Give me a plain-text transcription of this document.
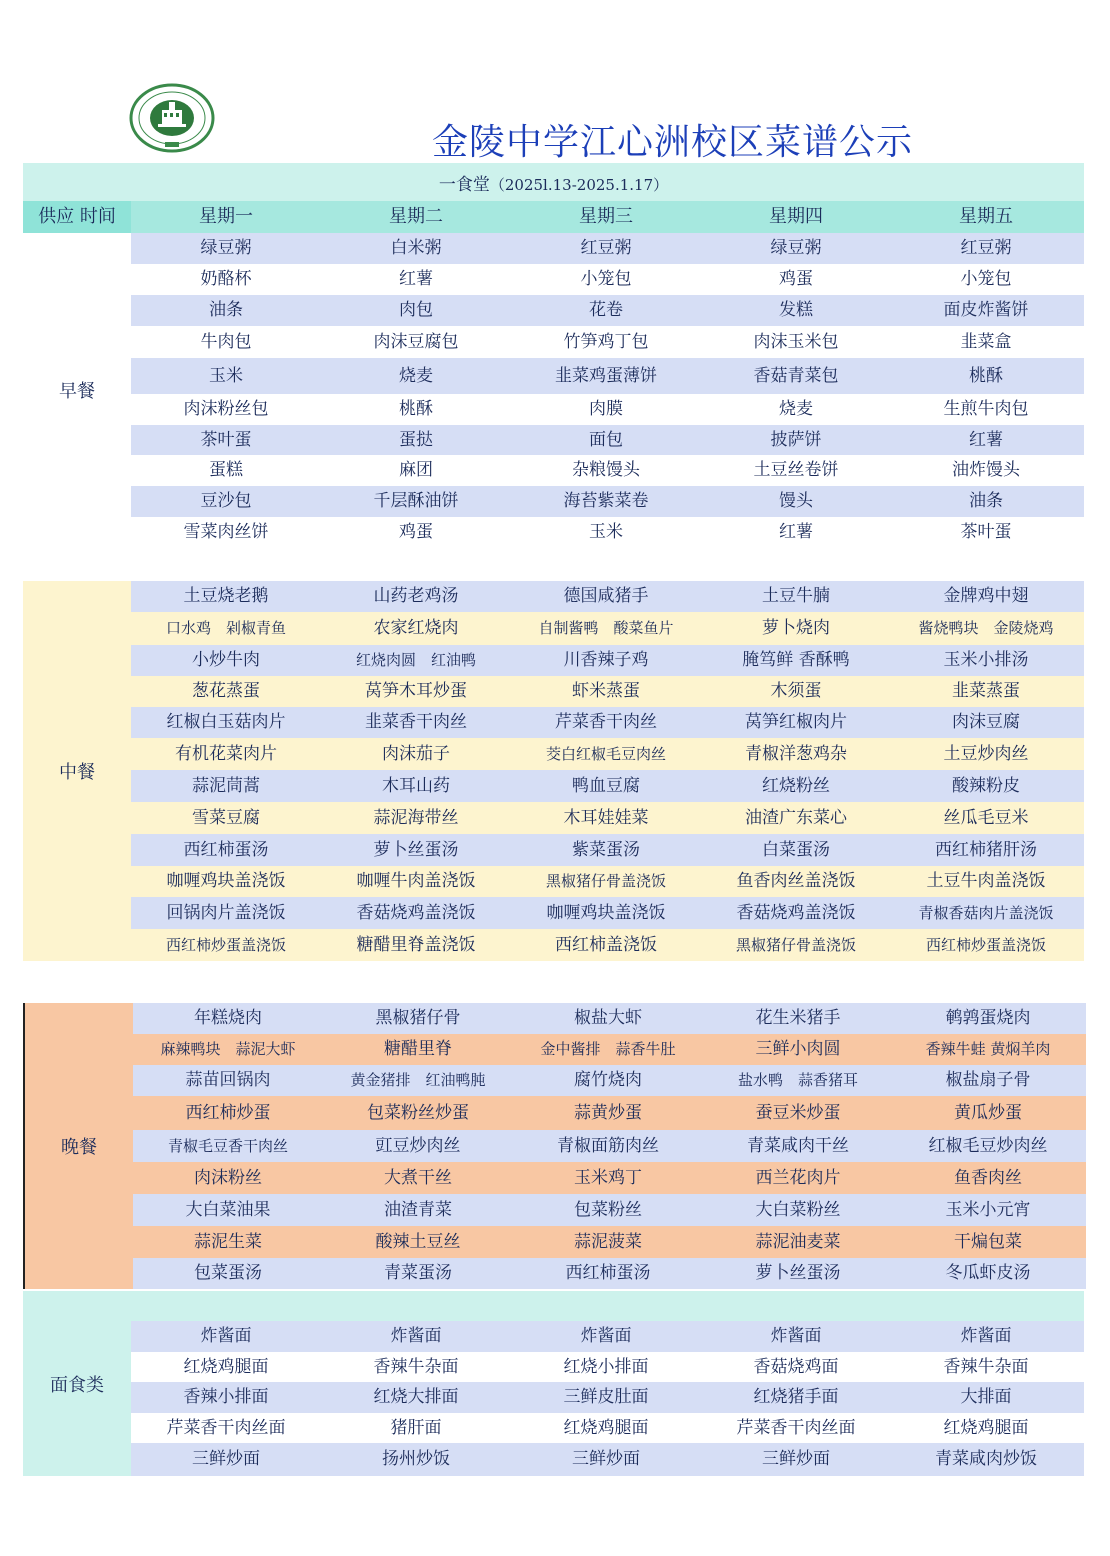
金陵中学江心洲校区菜谱公示
一食堂（2025l.13-2025.1.17）
供应 时间	星期一	星期二	星期三	星期四	星期五
早餐
绿豆粥	白米粥	红豆粥	绿豆粥	红豆粥
奶酪杯	红薯	小笼包	鸡蛋	小笼包
油条	肉包	花卷	发糕	面皮炸酱饼
牛肉包	肉沫豆腐包	竹笋鸡丁包	肉沫玉米包	韭菜盒
玉米	烧麦	韭菜鸡蛋薄饼	香菇青菜包	桃酥
肉沫粉丝包	桃酥	肉膜	烧麦	生煎牛肉包
茶叶蛋	蛋挞	面包	披萨饼	红薯
蛋糕	麻团	杂粮馒头	土豆丝卷饼	油炸馒头
豆沙包	千层酥油饼	海苔紫菜卷	馒头	油条
雪菜肉丝饼	鸡蛋	玉米	红薯	茶叶蛋
中餐
土豆烧老鹅	山药老鸡汤	德国咸猪手	土豆牛腩	金牌鸡中翅
口水鸡　剁椒青鱼	农家红烧肉	自制酱鸭　酸菜鱼片	萝卜烧肉	酱烧鸭块　金陵烧鸡
小炒牛肉	红烧肉圆　红油鸭	川香辣子鸡	腌笃鲜 香酥鸭	玉米小排汤
葱花蒸蛋	莴笋木耳炒蛋	虾米蒸蛋	木须蛋	韭菜蒸蛋
红椒白玉菇肉片	韭菜香干肉丝	芹菜香干肉丝	莴笋红椒肉片	肉沫豆腐
有机花菜肉片	肉沫茄子	茭白红椒毛豆肉丝	青椒洋葱鸡杂	土豆炒肉丝
蒜泥茼蒿	木耳山药	鸭血豆腐	红烧粉丝	酸辣粉皮
雪菜豆腐	蒜泥海带丝	木耳娃娃菜	油渣广东菜心	丝瓜毛豆米
西红柿蛋汤	萝卜丝蛋汤	紫菜蛋汤	白菜蛋汤	西红柿猪肝汤
咖喱鸡块盖浇饭	咖喱牛肉盖浇饭	黑椒猪仔骨盖浇饭	鱼香肉丝盖浇饭	土豆牛肉盖浇饭
回锅肉片盖浇饭	香菇烧鸡盖浇饭	咖喱鸡块盖浇饭	香菇烧鸡盖浇饭	青椒香菇肉片盖浇饭
西红柿炒蛋盖浇饭	糖醋里脊盖浇饭	西红柿盖浇饭	黑椒猪仔骨盖浇饭	西红柿炒蛋盖浇饭
晚餐
年糕烧肉	黑椒猪仔骨	椒盐大虾	花生米猪手	鹌鹑蛋烧肉
麻辣鸭块　蒜泥大虾	糖醋里脊	金中酱排　蒜香牛肚	三鲜小肉圆	香辣牛蛙 黄焖羊肉
蒜苗回锅肉	黄金猪排　红油鸭肫	腐竹烧肉	盐水鸭　蒜香猪耳	椒盐扇子骨
西红柿炒蛋	包菜粉丝炒蛋	蒜黄炒蛋	蚕豆米炒蛋	黄瓜炒蛋
青椒毛豆香干肉丝	豇豆炒肉丝	青椒面筋肉丝	青菜咸肉干丝	红椒毛豆炒肉丝
肉沫粉丝	大煮干丝	玉米鸡丁	西兰花肉片	鱼香肉丝
大白菜油果	油渣青菜	包菜粉丝	大白菜粉丝	玉米小元宵
蒜泥生菜	酸辣土豆丝	蒜泥菠菜	蒜泥油麦菜	干煸包菜
包菜蛋汤	青菜蛋汤	西红柿蛋汤	萝卜丝蛋汤	冬瓜虾皮汤
面食类
炸酱面	炸酱面	炸酱面	炸酱面	炸酱面
红烧鸡腿面	香辣牛杂面	红烧小排面	香菇烧鸡面	香辣牛杂面
香辣小排面	红烧大排面	三鲜皮肚面	红烧猪手面	大排面
芹菜香干肉丝面	猪肝面	红烧鸡腿面	芹菜香干肉丝面	红烧鸡腿面
三鲜炒面	扬州炒饭	三鲜炒面	三鲜炒面	青菜咸肉炒饭
